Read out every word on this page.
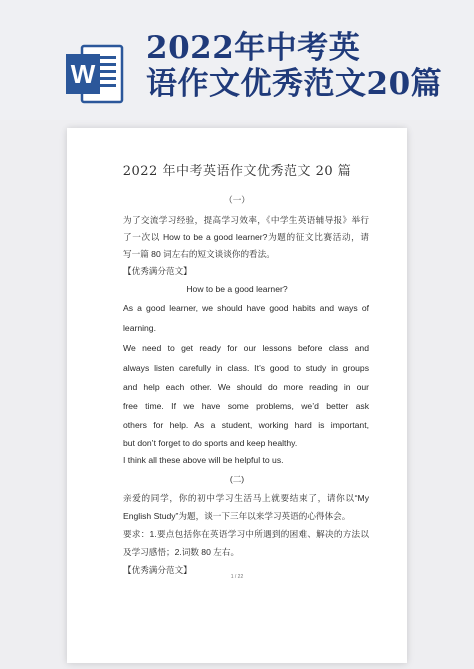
W
2022年中考英
语作文优秀范文20篇
2022 年中考英语作文优秀范文 20 篇
（一）
为了交流学习经验，提高学习效率，《中学生英语辅导报》举行
了一次以 How to be a good learner?为题的征文比赛活动，请
写一篇 80 词左右的短文谈谈你的看法。
【优秀满分范文】
How to be a good learner?
As a good learner, we should have good habits and ways of
learning.
We need to get ready for our lessons before class and
always listen carefully in class. It’s good to study in groups
and help each other. We should do more reading in our
free time. If we have some problems, we’d better ask
others for help. As a student, working hard is important,
but don’t forget to do sports and keep healthy.
I think all these above will be helpful to us.
(二)
亲爱的同学，你的初中学习生活马上就要结束了，请你以“My
English Study”为题，谈一下三年以来学习英语的心得体会。
要求：1.要点包括你在英语学习中所遇到的困难、解决的方法以
及学习感悟；2.词数 80 左右。
1 / 22
【优秀满分范文】
